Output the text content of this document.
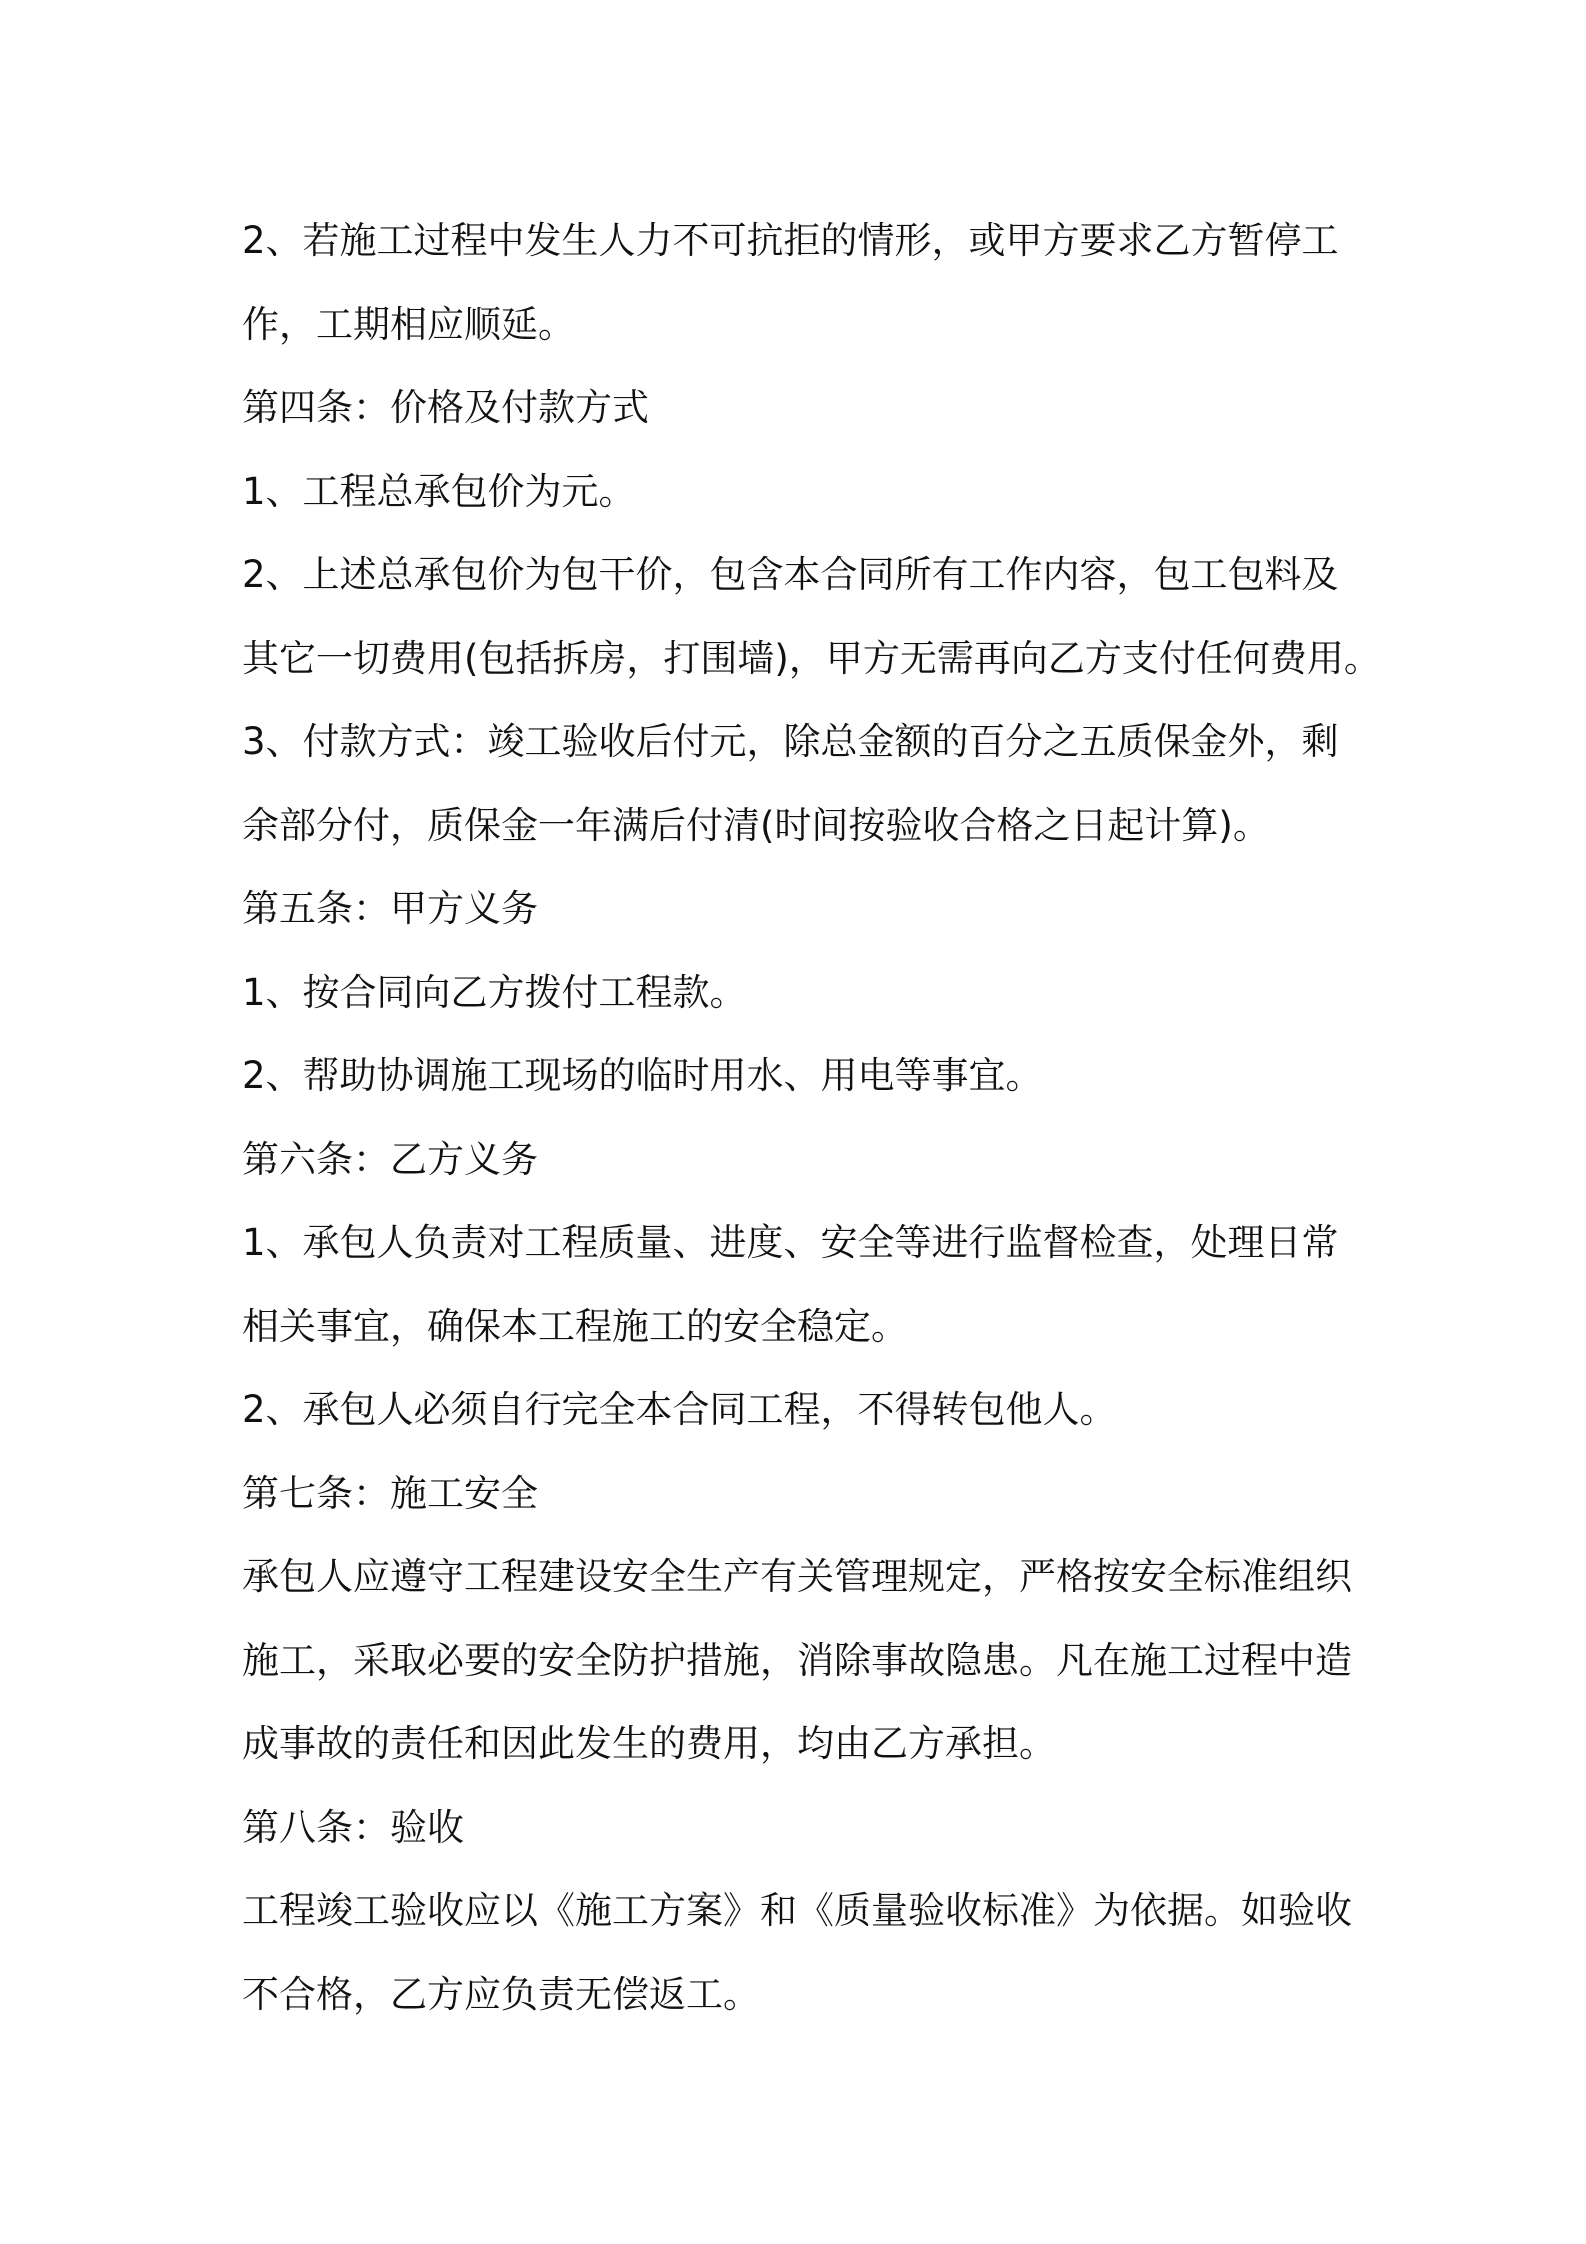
2、若施工过程中发生人力不可抗拒的情形，或甲方要求乙方暂停工
作，工期相应顺延。
第四条：价格及付款方式
1、工程总承包价为元。
2、上述总承包价为包干价，包含本合同所有工作内容，包工包料及
其它一切费用(包括拆房，打围墙)，甲方无需再向乙方支付任何费用。
3、付款方式：竣工验收后付元，除总金额的百分之五质保金外，剩
余部分付，质保金一年满后付清(时间按验收合格之日起计算)。
第五条：甲方义务
1、按合同向乙方拨付工程款。
2、帮助协调施工现场的临时用水、用电等事宜。
第六条：乙方义务
1、承包人负责对工程质量、进度、安全等进行监督检查，处理日常
相关事宜，确保本工程施工的安全稳定。
2、承包人必须自行完全本合同工程，不得转包他人。
第七条：施工安全
承包人应遵守工程建设安全生产有关管理规定，严格按安全标准组织
施工，采取必要的安全防护措施，消除事故隐患。凡在施工过程中造
成事故的责任和因此发生的费用，均由乙方承担。
第八条：验收
工程竣工验收应以《施工方案》和《质量验收标准》为依据。如验收
不合格，乙方应负责无偿返工。
